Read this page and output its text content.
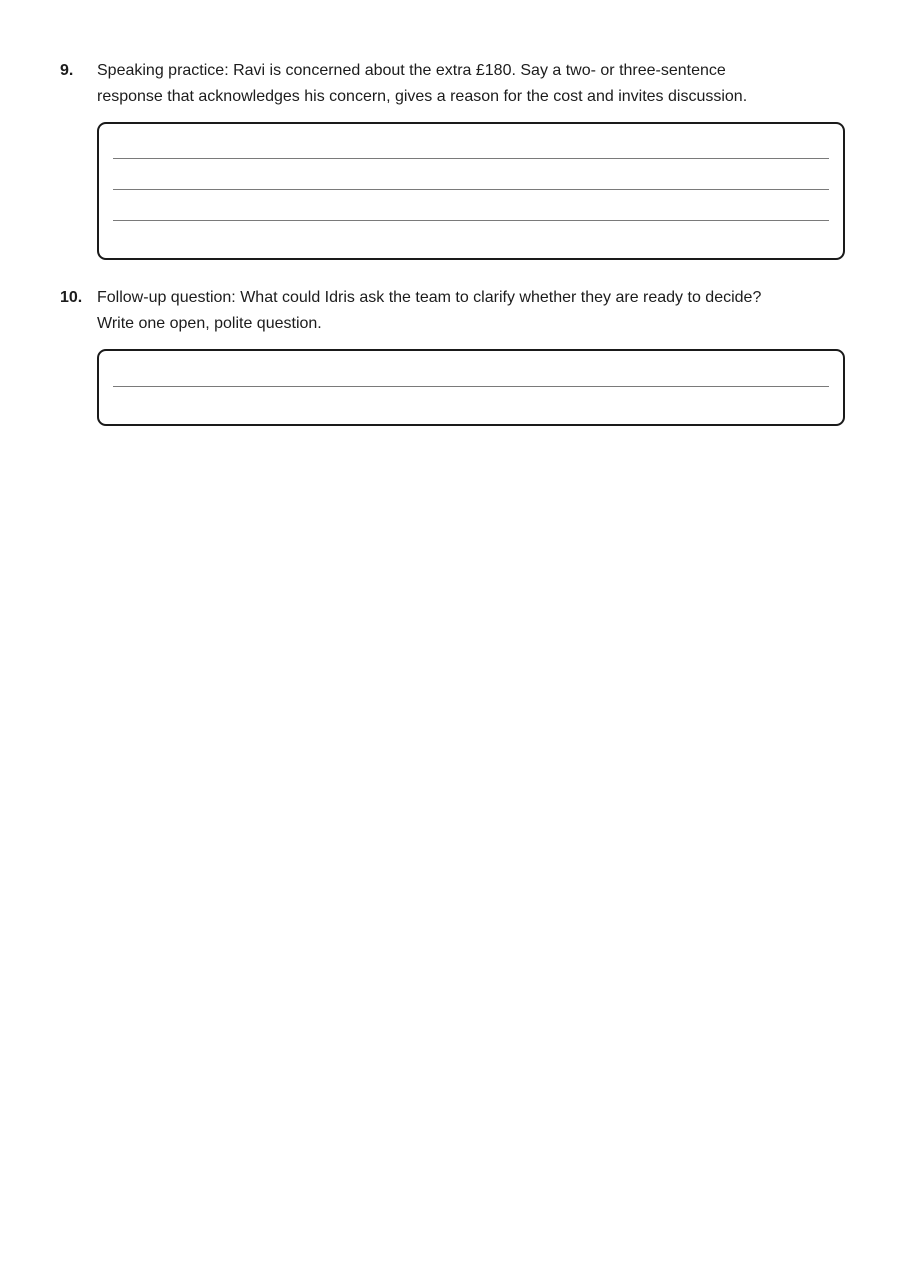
9.	Speaking practice: Ravi is concerned about the extra £180. Say a two- or three-sentence
response that acknowledges his concern, gives a reason for the cost and invites discussion.
10. Follow-up question: What could Idris ask the team to clarify whether they are ready to decide?
Write one open, polite question.
